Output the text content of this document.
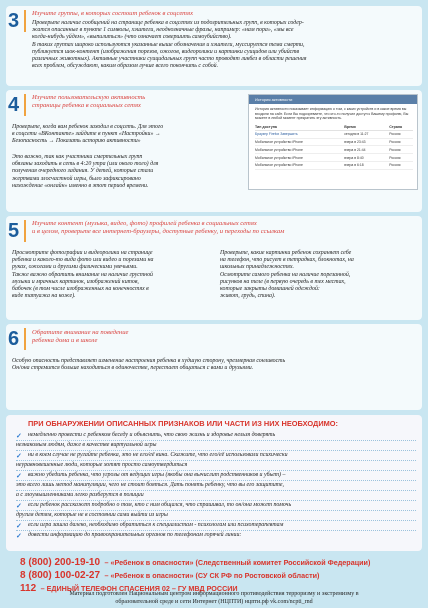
3	Изучите группы, в которых состоит ребенок в соцсетях
Проверьте наличие сообщений на странице ребенка в соцсетях из подозрительных групп, в которых содер-
жатся описанные в пункте 1 символы, хэштеги, неоднозначные фразы, например: «нам пора», «мы все
когда-нибудь уйдем», «выпилиться» (что означает совершить самоубийство).
В таких группах широко используются указанные выше обозначения и хэштеги, муссируется тема смерти,
публикуется шок-контент (изображения порезов, ожогов, видеоролики и картинки суицидов или убийств
различных животных). Активные участники суицидальных групп часто проводят ликбез в области решения
всех проблем, обсуждают, каким образом лучше всего покончить с собой.
4	Изучите пользовательскую активность
страницы ребенка в социальных сетях
Проверьте, когда вам ребенок заходил в соцсеть. Для этого
в соцсети «ВКонтакте» зайдите в пункт «Настройки» →
Безопасность → Показать историю активности»
Это важно, так как участники смертельных групп
обязаны заходить в сеть в 4:20 утра (или около того) для
получения очередного задания. У детей, которые стали
жертвами злосчастной игры, было зафиксировано
нахождение «онлайн» именно в этот период времени.
История активности
История активности показывает информацию о том, с каких устройств и в какое время вы
входили на сайт. Если Вы подозреваете, что кто-то получил доступ к Вашему профилю, Вы
можете в любой момент прекратить эту активность.
Тип доступа	Время	Страна
Браузер Firefox Завершить	сегодня в 11:27	Россия
Мобильное устройство iPhone	вчера в 23:43	Россия
Мобильное устройство iPhone	вчера в 21:44	Россия
Мобильное устройство iPhone	вчера в 8:40	Россия
Мобильное устройство iPhone	вчера в 6:18	Россия
5	Изучите контент (музыка, видео, фото) профилей ребенка в социальных сетях
и в целом, проверьте все интернет-браузеры, доступные ребенку, и переходы по ссылкам
Просмотрите фотографии и видеоролики на странице
ребенка и какого-то вида фото или видео и порезами на
руках, ожогами и другими физическими увечьями.
Также важно обратить внимание на наличие грустной
музыки и мрачных картинок, изображений китов,
бабочек (в том числе изображенных на конечностях в
виде татуажа на коже).
Проверьте, какие картинки ребенок сохраняет себе
на телефон, что рисует в тетрадках, блокнотах, на
школьных принадлежностях.
Осмотрите самого ребенка на наличие порезанной,
рисунков на теле (в первую очередь в тех местах,
которые закрыты домашней одеждой:
живот, грудь, спина).
6	Обратите внимание на поведение
ребенка дома и в школе
Особую опасность представляет изменение настроения ребенка в худшую сторону, чрезмерная сонливость
Он/она стремится больше находиться в одиночестве, перестает общаться с вами и друзьями.
ПРИ ОБНАРУЖЕНИИ ОПИСАННЫХ ПРИЗНАКОВ ИЛИ ЧАСТИ ИЗ НИХ НЕОБХОДИМО:
✓	немедленно провести с ребенком беседу и объяснить, что свою жизнь и здоровье нельзя доверять
незнакомым людям, даже в качестве виртуальной игры
✓	ни в коем случае не ругайте ребенка, это не его/её вина. Скажите, что его/её использовали психически
неуравновешенные люди, которые хотят просто самоутвердиться
✓	важно убедить ребенка, что угрозы от ведущих игры (якобы она вычислит родственников и убьет) –
это всего лишь метод манипуляции, чего не стоит бояться. Дать понять ребенку, что вы его защитите,
а с злоумышленниками легко разберутся в полиции
✓	если ребенок расскажет подробно о том, кто с ним общался, что спрашивал, то он/она может помочь
другим детям, которые не в состоянии сами выйти из игры
✓	если игра зашла далеко, необходимо обратиться к специалистам - психологам или психотерапевтам
✓	довести информацию до правоохранительных органов по телефонам горячей линии:
8 (800) 200-19-10 – «Ребенок в опасности» (Следственный комитет Российской Федерации)
8 (800) 100-02-27 – «Ребенок в опасности» (СУ СК РФ по Ростовской области)
112 – ЕДИНЫЙ ТЕЛЕФОН СПАСЕНИЯ 02 – ГУ МВД РОССИИ
Материал подготовлен Национальным центром информационного противодействия терроризму и экстремизму в
образовательной среде и сети Интернет (НЦПТИ) нцпти.рф vk.com/ncpti_rnd
